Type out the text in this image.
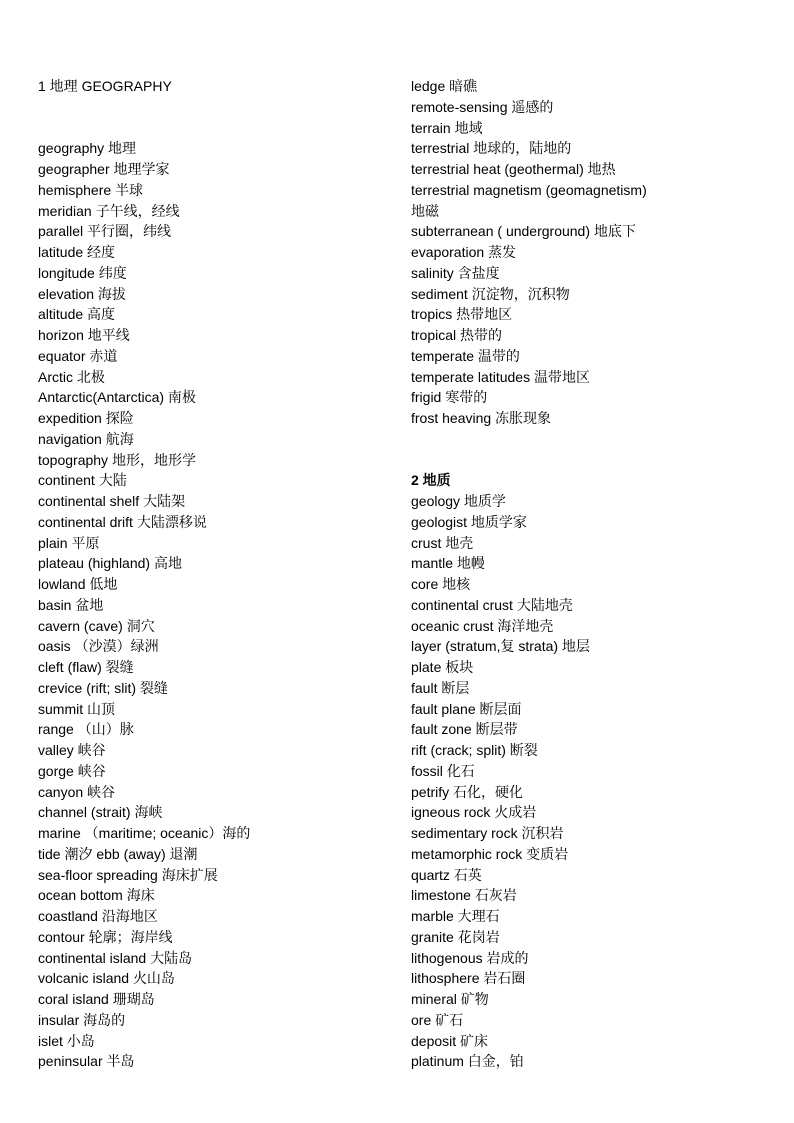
1 地理 GEOGRAPHY
geography 地理
geographer 地理学家
hemisphere 半球
meridian 子午线，经线
parallel 平行圈，纬线
latitude 经度
longitude 纬度
elevation 海拔
altitude 高度
horizon 地平线
equator 赤道
Arctic 北极
Antarctic(Antarctica) 南极
expedition 探险
navigation 航海
topography 地形，地形学
continent 大陆
continental shelf 大陆架
continental drift 大陆漂移说
plain 平原
plateau (highland) 高地
lowland 低地
basin 盆地
cavern (cave) 洞穴
oasis （沙漠）绿洲
cleft (flaw) 裂缝
crevice (rift; slit) 裂缝
summit 山顶
range （山）脉
valley 峡谷
gorge 峡谷
canyon 峡谷
channel (strait) 海峡
marine （maritime; oceanic）海的
tide 潮汐 ebb (away) 退潮
sea-floor spreading 海床扩展
ocean bottom 海床
coastland 沿海地区
contour 轮廓；海岸线
continental island 大陆岛
volcanic island 火山岛
coral island 珊瑚岛
insular 海岛的
islet 小岛
peninsular 半岛
ledge 暗礁
remote-sensing 遥感的
terrain 地域
terrestrial 地球的，陆地的
terrestrial heat (geothermal) 地热
terrestrial magnetism (geomagnetism)
地磁
subterranean ( underground) 地底下
evaporation 蒸发
salinity 含盐度
sediment 沉淀物，沉积物
tropics 热带地区
tropical 热带的
temperate 温带的
temperate latitudes 温带地区
frigid 寒带的
frost heaving 冻胀现象
2 地质
geology 地质学
geologist 地质学家
crust 地壳
mantle 地幔
core 地核
continental crust 大陆地壳
oceanic crust 海洋地壳
layer (stratum,复 strata) 地层
plate 板块
fault 断层
fault plane 断层面
fault zone 断层带
rift (crack; split) 断裂
fossil 化石
petrify 石化，硬化
igneous rock 火成岩
sedimentary rock 沉积岩
metamorphic rock 变质岩
quartz 石英
limestone 石灰岩
marble 大理石
granite 花岗岩
lithogenous 岩成的
lithosphere 岩石圈
mineral 矿物
ore 矿石
deposit 矿床
platinum 白金，铂
